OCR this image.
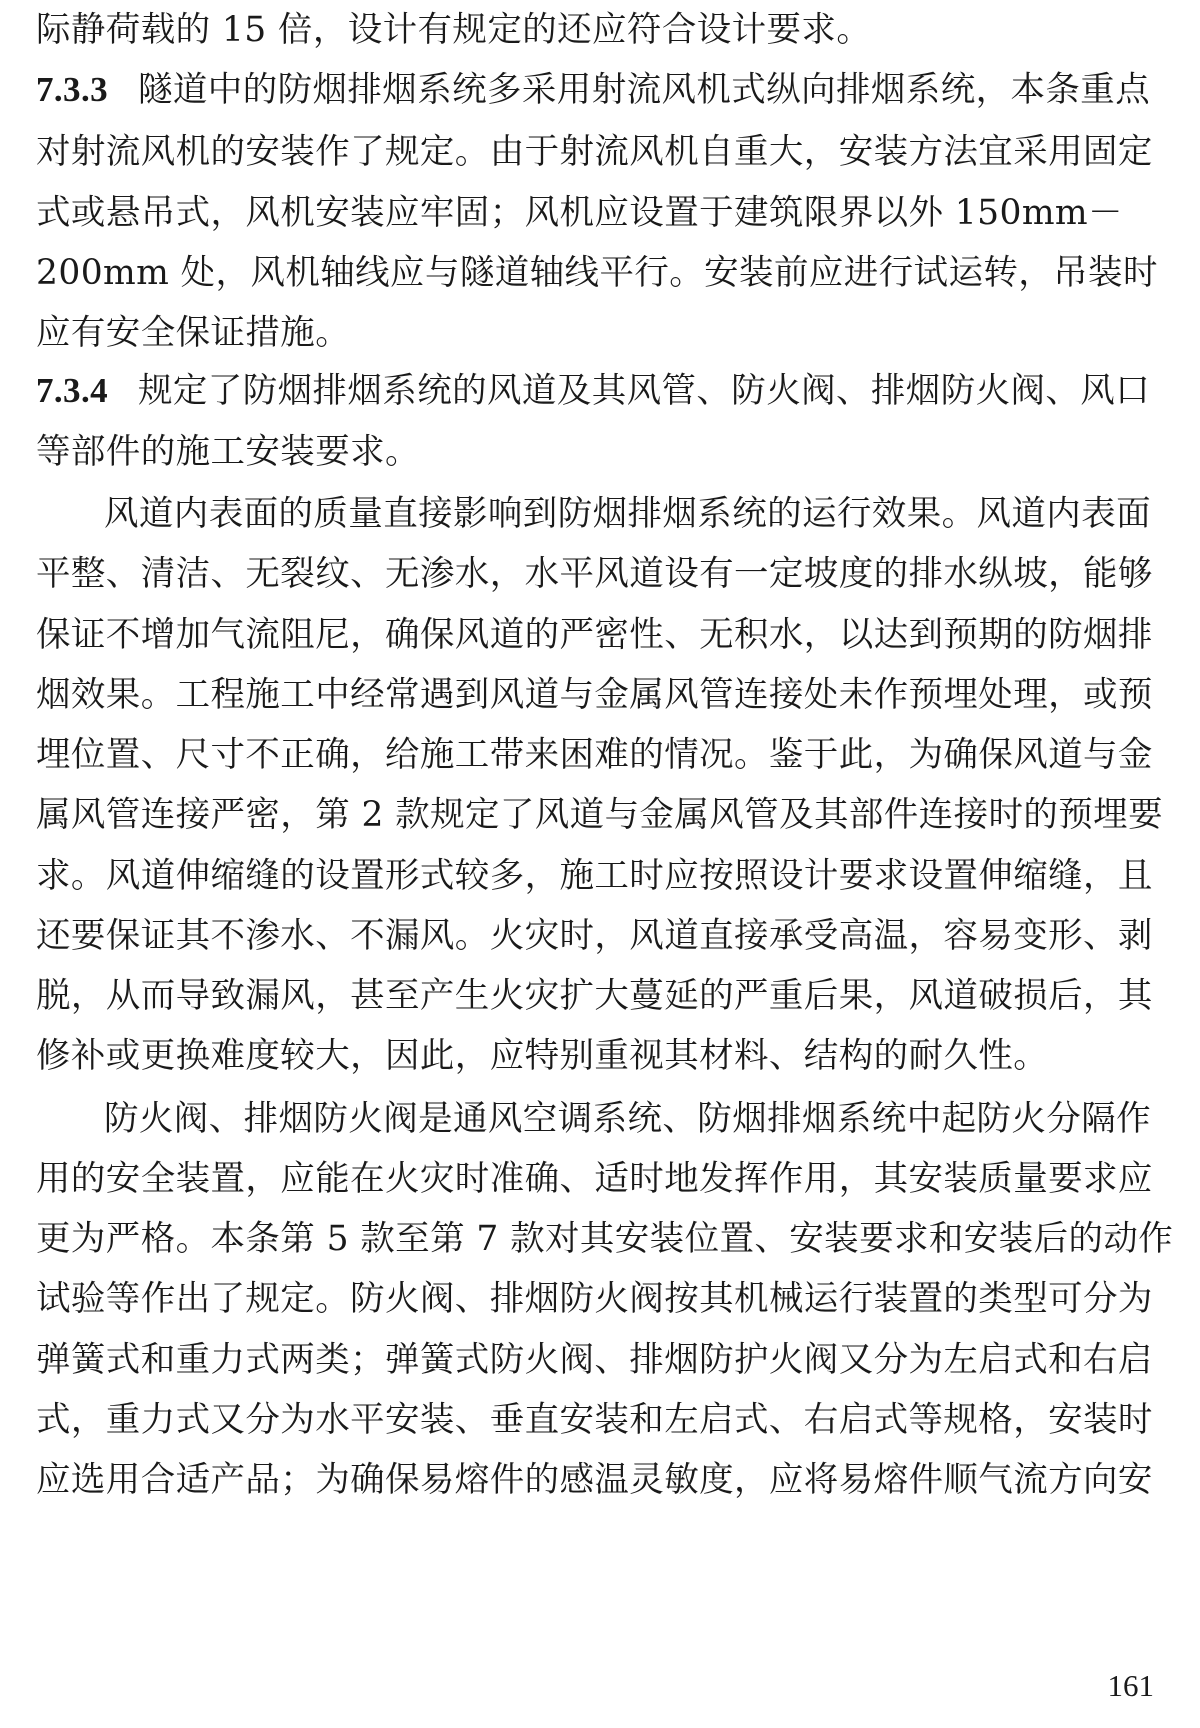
际静荷载的 15 倍，设计有规定的还应符合设计要求。
7.3.3 隧道中的防烟排烟系统多采用射流风机式纵向排烟系统，本条重点
对射流风机的安装作了规定。由于射流风机自重大，安装方法宜采用固定
式或悬吊式，风机安装应牢固；风机应设置于建筑限界以外 150mm－
200mm 处，风机轴线应与隧道轴线平行。安装前应进行试运转，吊装时
应有安全保证措施。
7.3.4 规定了防烟排烟系统的风道及其风管、防火阀、排烟防火阀、风口
等部件的施工安装要求。
风道内表面的质量直接影响到防烟排烟系统的运行效果。风道内表面
平整、清洁、无裂纹、无渗水，水平风道设有一定坡度的排水纵坡，能够
保证不增加气流阻尼，确保风道的严密性、无积水，以达到预期的防烟排
烟效果。工程施工中经常遇到风道与金属风管连接处未作预埋处理，或预
埋位置、尺寸不正确，给施工带来困难的情况。鉴于此，为确保风道与金
属风管连接严密，第 2 款规定了风道与金属风管及其部件连接时的预埋要
求。风道伸缩缝的设置形式较多，施工时应按照设计要求设置伸缩缝，且
还要保证其不渗水、不漏风。火灾时，风道直接承受高温，容易变形、剥
脱，从而导致漏风，甚至产生火灾扩大蔓延的严重后果，风道破损后，其
修补或更换难度较大，因此，应特别重视其材料、结构的耐久性。
防火阀、排烟防火阀是通风空调系统、防烟排烟系统中起防火分隔作
用的安全装置，应能在火灾时准确、适时地发挥作用，其安装质量要求应
更为严格。本条第 5 款至第 7 款对其安装位置、安装要求和安装后的动作
试验等作出了规定。防火阀、排烟防火阀按其机械运行装置的类型可分为
弹簧式和重力式两类；弹簧式防火阀、排烟防护火阀又分为左启式和右启
式，重力式又分为水平安装、垂直安装和左启式、右启式等规格，安装时
应选用合适产品；为确保易熔件的感温灵敏度，应将易熔件顺气流方向安
161
